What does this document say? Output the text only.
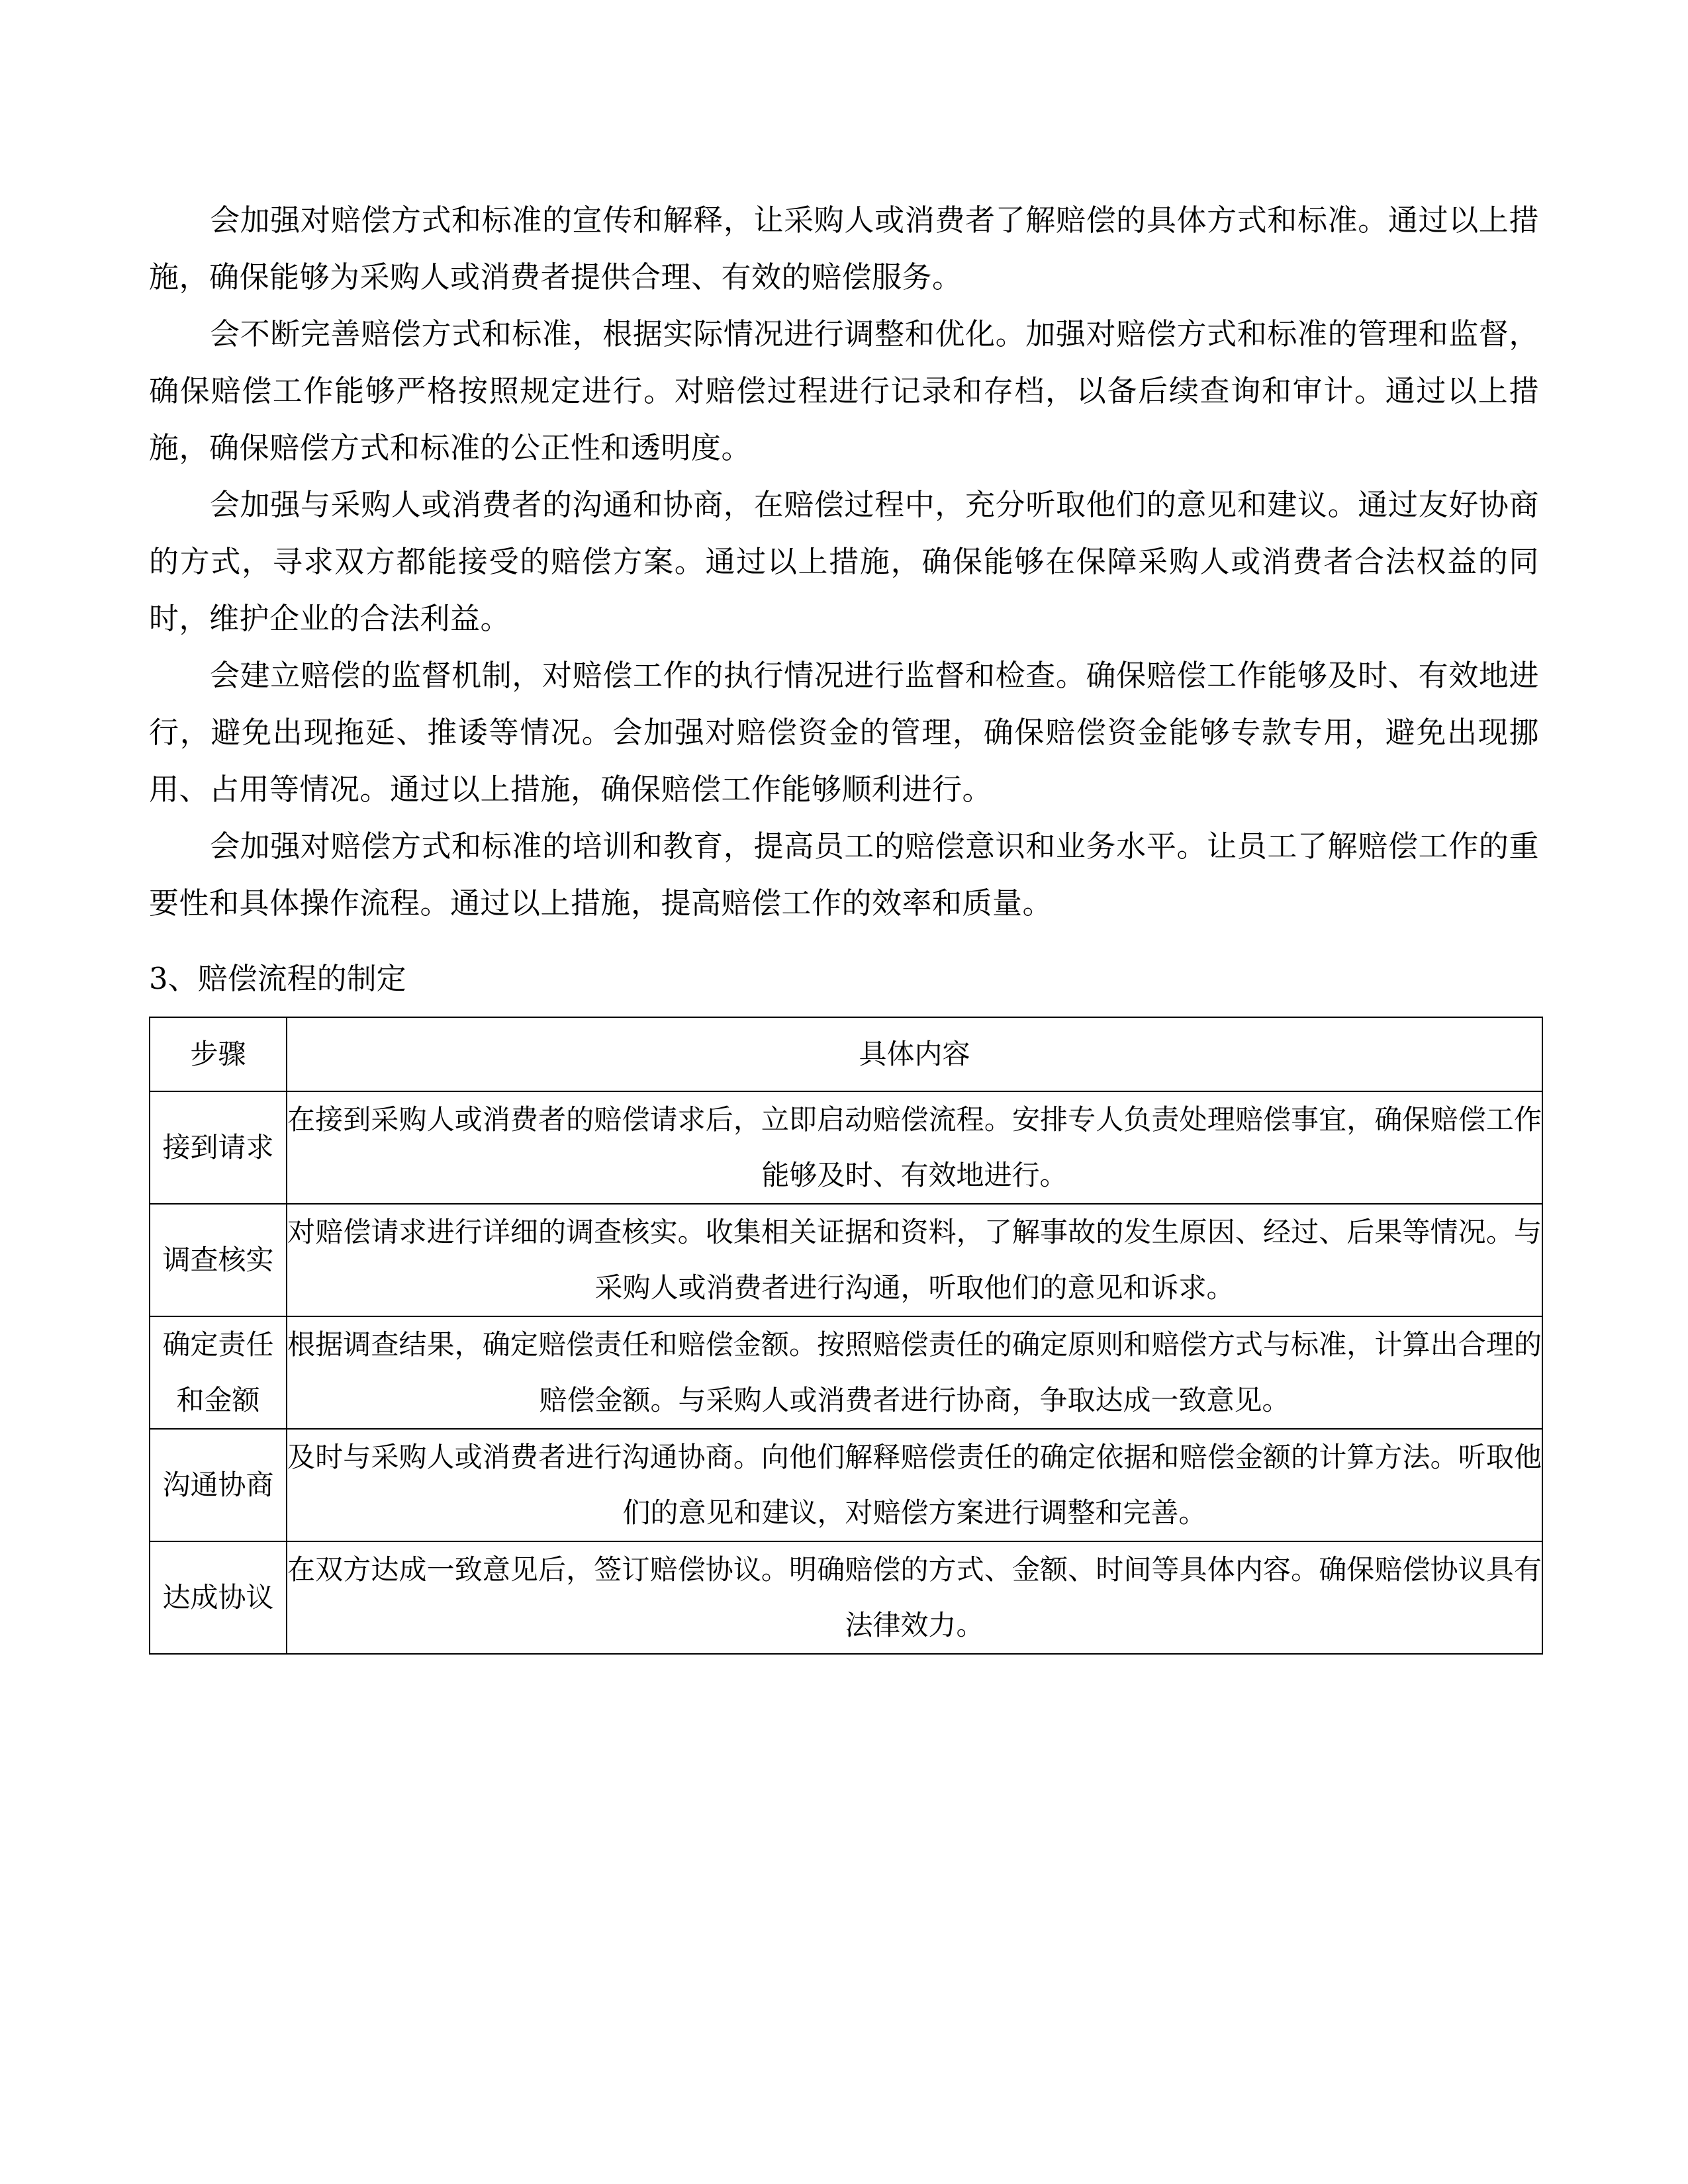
会加强对赔偿方式和标准的宣传和解释，让采购人或消费者了解赔偿的具体方式和标准。通过以上措施，确保能够为采购人或消费者提供合理、有效的赔偿服务。

会不断完善赔偿方式和标准，根据实际情况进行调整和优化。加强对赔偿方式和标准的管理和监督，确保赔偿工作能够严格按照规定进行。对赔偿过程进行记录和存档，以备后续查询和审计。通过以上措施，确保赔偿方式和标准的公正性和透明度。

会加强与采购人或消费者的沟通和协商，在赔偿过程中，充分听取他们的意见和建议。通过友好协商的方式，寻求双方都能接受的赔偿方案。通过以上措施，确保能够在保障采购人或消费者合法权益的同时，维护企业的合法利益。

会建立赔偿的监督机制，对赔偿工作的执行情况进行监督和检查。确保赔偿工作能够及时、有效地进行，避免出现拖延、推诿等情况。会加强对赔偿资金的管理，确保赔偿资金能够专款专用，避免出现挪用、占用等情况。通过以上措施，确保赔偿工作能够顺利进行。

会加强对赔偿方式和标准的培训和教育，提高员工的赔偿意识和业务水平。让员工了解赔偿工作的重要性和具体操作流程。通过以上措施，提高赔偿工作的效率和质量。

3、赔偿流程的制定
步骤	具体内容
接到请求	在接到采购人或消费者的赔偿请求后，立即启动赔偿流程。安排专人负责处理赔偿事宜，确保赔偿工作能够及时、有效地进行。

调查核实	对赔偿请求进行详细的调查核实。收集相关证据和资料，了解事故的发生原因、经过、后果等情况。与采购人或消费者进行沟通，听取他们的意见和诉求。

确定责任和金额	根据调查结果，确定赔偿责任和赔偿金额。按照赔偿责任的确定原则和赔偿方式与标准，计算出合理的赔偿金额。与采购人或消费者进行协商，争取达成一致意见。

沟通协商	及时与采购人或消费者进行沟通协商。向他们解释赔偿责任的确定依据和赔偿金额的计算方法。听取他们的意见和建议，对赔偿方案进行调整和完善。

达成协议	在双方达成一致意见后，签订赔偿协议。明确赔偿的方式、金额、时间等具体内容。确保赔偿协议具有法律效力。
